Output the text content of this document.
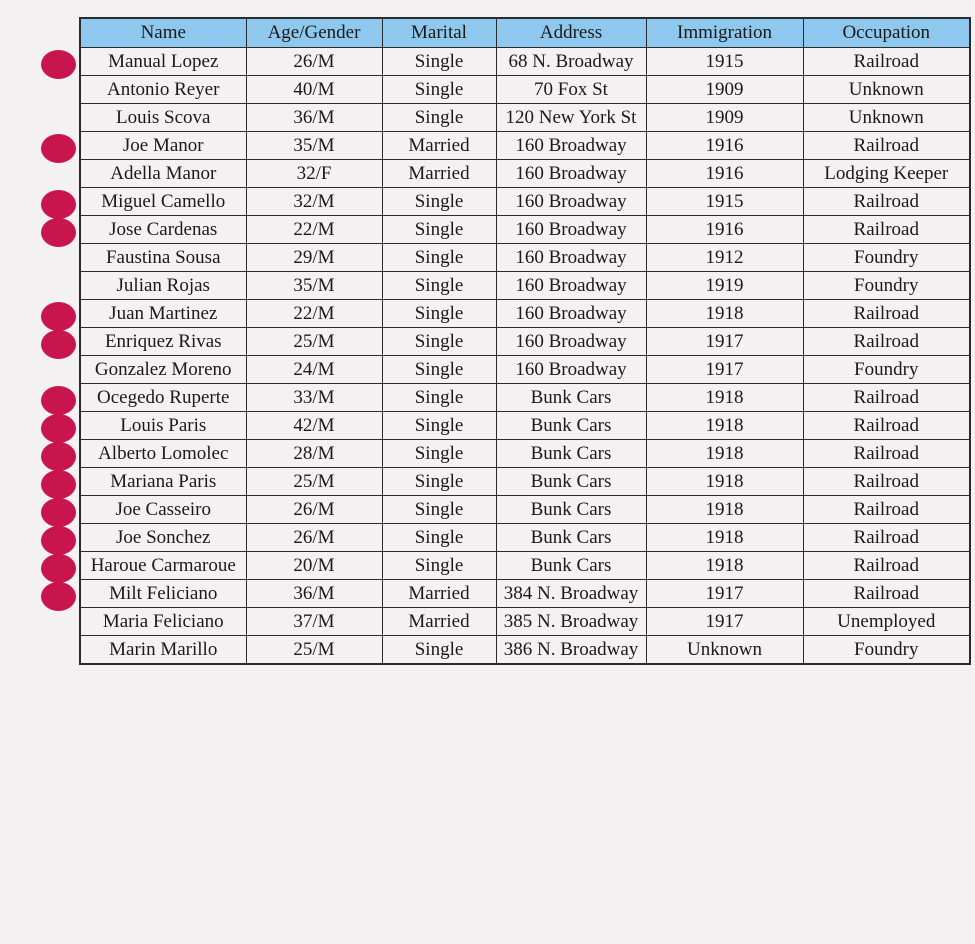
Name	Age/Gender	Marital	Address	Immigration	Occupation
Manual Lopez	26/M	Single	68 N. Broadway	1915	Railroad
Antonio Reyer	40/M	Single	70 Fox St	1909	Unknown
Louis Scova	36/M	Single	120 New York St	1909	Unknown
Joe Manor	35/M	Married	160 Broadway	1916	Railroad
Adella Manor	32/F	Married	160 Broadway	1916	Lodging Keeper
Miguel Camello	32/M	Single	160 Broadway	1915	Railroad
Jose Cardenas	22/M	Single	160 Broadway	1916	Railroad
Faustina Sousa	29/M	Single	160 Broadway	1912	Foundry
Julian Rojas	35/M	Single	160 Broadway	1919	Foundry
Juan Martinez	22/M	Single	160 Broadway	1918	Railroad
Enriquez Rivas	25/M	Single	160 Broadway	1917	Railroad
Gonzalez Moreno	24/M	Single	160 Broadway	1917	Foundry
Ocegedo Ruperte	33/M	Single	Bunk Cars	1918	Railroad
Louis Paris	42/M	Single	Bunk Cars	1918	Railroad
Alberto Lomolec	28/M	Single	Bunk Cars	1918	Railroad
Mariana Paris	25/M	Single	Bunk Cars	1918	Railroad
Joe Casseiro	26/M	Single	Bunk Cars	1918	Railroad
Joe Sonchez	26/M	Single	Bunk Cars	1918	Railroad
Haroue Carmaroue	20/M	Single	Bunk Cars	1918	Railroad
Milt Feliciano	36/M	Married	384 N. Broadway	1917	Railroad
Maria Feliciano	37/M	Married	385 N. Broadway	1917	Unemployed
Marin Marillo	25/M	Single	386 N. Broadway	Unknown	Foundry
